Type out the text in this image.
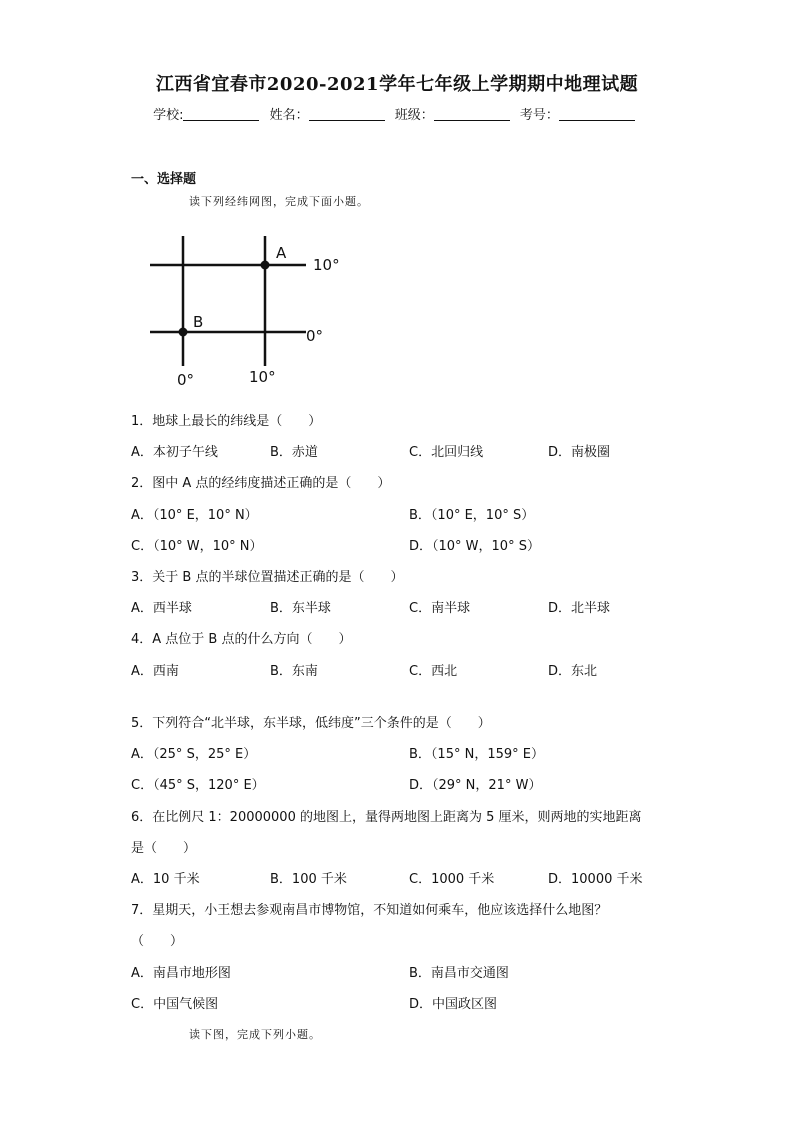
江西省宜春市2020-2021学年七年级上学期期中地理试题
学校:	姓名：	班级：	考号：
一、选择题
读下列经纬网图，完成下面小题。
A
B
10°
0°
0°	10°
1．地球上最长的纬线是（　　）
A．本初子午线	B．赤道	C．北回归线	D．南极圈
2．图中 A 点的经纬度描述正确的是（　　）
A．（10° E，10° N）	B．（10° E，10° S）
C．（10° W，10° N）	D．（10° W，10° S）
3．关于 B 点的半球位置描述正确的是（　　）
A．西半球	B．东半球	C．南半球	D．北半球
4．A 点位于 B 点的什么方向（　　）
A．西南	B．东南	C．西北	D．东北
5．下列符合“北半球，东半球，低纬度”三个条件的是（　　）
A．（25° S，25° E）	B．（15° N，159° E）
C．（45° S，120° E）	D．（29° N，21° W）
6．在比例尺 1：20000000 的地图上，量得两地图上距离为 5 厘米，则两地的实地距离
是（　　）
A．10 千米	B．100 千米	C．1000 千米	D．10000 千米
7．星期天，小王想去参观南昌市博物馆，不知道如何乘车，他应该选择什么地图？
（　　）
A．南昌市地形图	B．南昌市交通图
C．中国气候图	D．中国政区图
读下图，完成下列小题。
